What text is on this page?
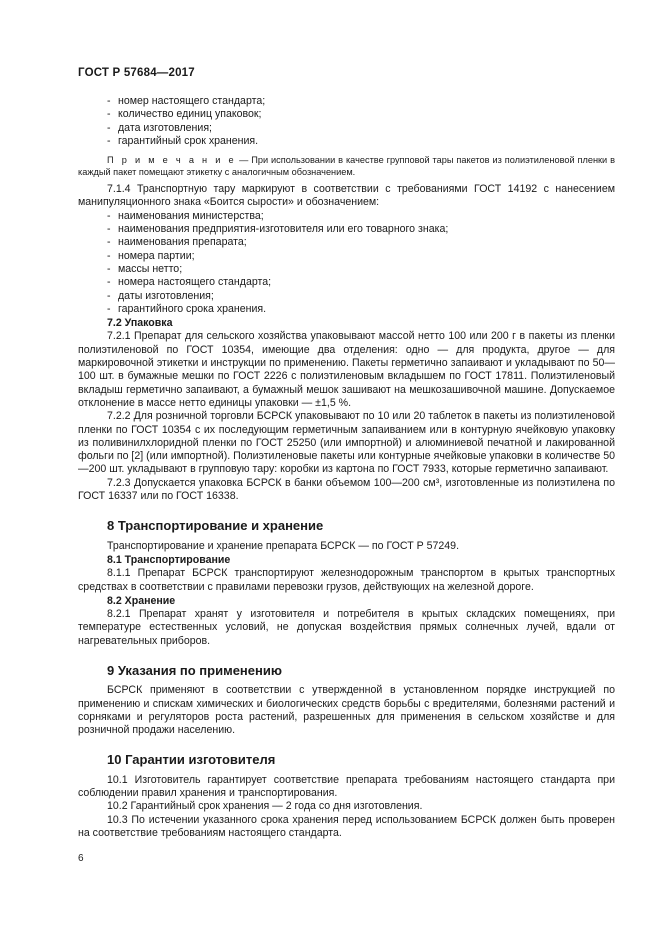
ГОСТ Р 57684—2017
- номер настоящего стандарта;
- количество единиц упаковок;
- дата изготовления;
- гарантийный срок хранения.

П р и м е ч а н и е — При использовании в качестве групповой тары пакетов из полиэтиленовой пленки в каждый пакет помещают этикетку с аналогичным обозначением.

7.1.4 Транспортную тару маркируют в соответствии с требованиями ГОСТ 14192 с нанесением манипуляционного знака «Боится сырости» и обозначением:

- наименования министерства;
- наименования предприятия-изготовителя или его товарного знака;
- наименования препарата;
- номера партии;
- массы нетто;
- номера настоящего стандарта;
- даты изготовления;
- гарантийного срока хранения.

7.2 Упаковка

7.2.1 Препарат для сельского хозяйства упаковывают массой нетто 100 или 200 г в пакеты из пленки полиэтиленовой по ГОСТ 10354, имеющие два отделения: одно — для продукта, другое — для маркировочной этикетки и инструкции по применению. Пакеты герметично запаивают и укладывают по 50—100 шт. в бумажные мешки по ГОСТ 2226 с полиэтиленовым вкладышем по ГОСТ 17811. Полиэтиленовый вкладыш герметично запаивают, а бумажный мешок зашивают на мешкозашивочной машине. Допускаемое отклонение в массе нетто единицы упаковки — ±1,5 %.

7.2.2 Для розничной торговли БСРСК упаковывают по 10 или 20 таблеток в пакеты из полиэтиленовой пленки по ГОСТ 10354 с их последующим герметичным запаиванием или в контурную ячейковую упаковку из поливинилхлоридной пленки по ГОСТ 25250 (или импортной) и алюминиевой печатной и лакированной фольги по [2] (или импортной). Полиэтиленовые пакеты или контурные ячейковые упаковки в количестве 50—200 шт. укладывают в групповую тару: коробки из картона по ГОСТ 7933, которые герметично запаивают.

7.2.3 Допускается упаковка БСРСК в банки объемом 100—200 см³, изготовленные из полиэтилена по ГОСТ 16337 или по ГОСТ 16338.

8 Транспортирование и хранение

Транспортирование и хранение препарата БСРСК — по ГОСТ Р 57249.

8.1 Транспортирование

8.1.1 Препарат БСРСК транспортируют железнодорожным транспортом в крытых транспортных средствах в соответствии с правилами перевозки грузов, действующих на железной дороге.

8.2 Хранение

8.2.1 Препарат хранят у изготовителя и потребителя в крытых складских помещениях, при температуре естественных условий, не допуская воздействия прямых солнечных лучей, вдали от нагревательных приборов.

9 Указания по применению

БСРСК применяют в соответствии с утвержденной в установленном порядке инструкцией по применению и спискам химических и биологических средств борьбы с вредителями, болезнями растений и сорняками и регуляторов роста растений, разрешенных для применения в сельском хозяйстве и для розничной продажи населению.

10 Гарантии изготовителя

10.1 Изготовитель гарантирует соответствие препарата требованиям настоящего стандарта при соблюдении правил хранения и транспортирования.

10.2 Гарантийный срок хранения — 2 года со дня изготовления.

10.3 По истечении указанного срока хранения перед использованием БСРСК должен быть проверен на соответствие требованиям настоящего стандарта.

6
